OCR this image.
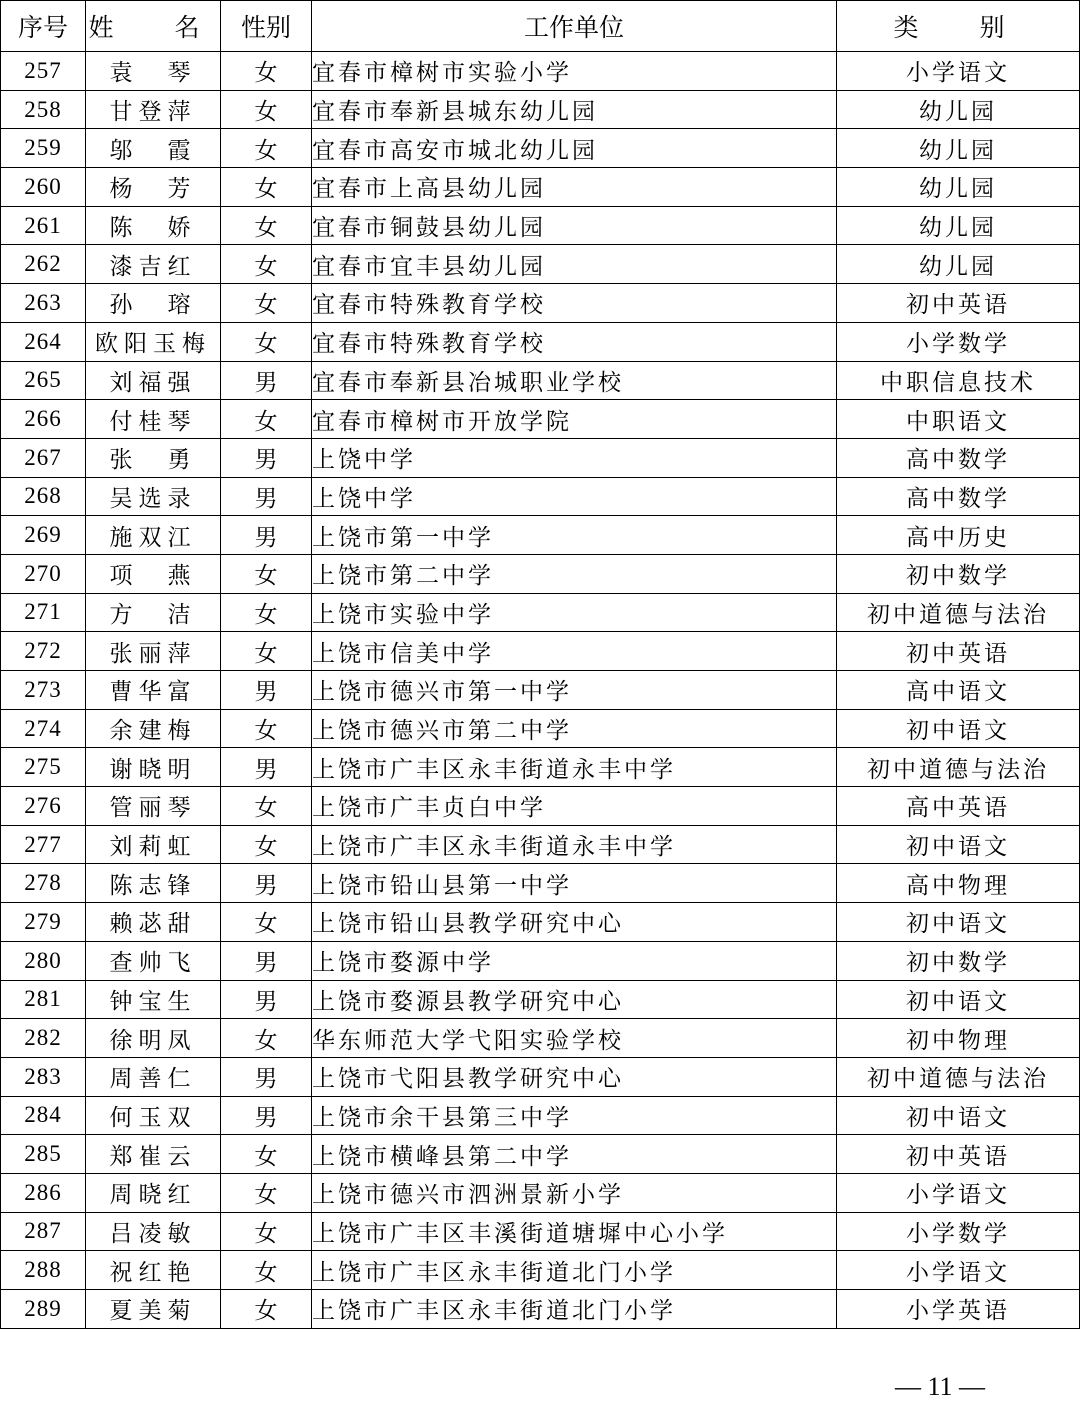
序号	姓　名	性别	工作单位	类　别
257	袁　琴	女	宜春市樟树市实验小学	小学语文
258	甘登萍	女	宜春市奉新县城东幼儿园	幼儿园
259	邬　霞	女	宜春市高安市城北幼儿园	幼儿园
260	杨　芳	女	宜春市上高县幼儿园	幼儿园
261	陈　娇	女	宜春市铜鼓县幼儿园	幼儿园
262	漆吉红	女	宜春市宜丰县幼儿园	幼儿园
263	孙　瑢	女	宜春市特殊教育学校	初中英语
264	欧阳玉梅	女	宜春市特殊教育学校	小学数学
265	刘福强	男	宜春市奉新县冶城职业学校	中职信息技术
266	付桂琴	女	宜春市樟树市开放学院	中职语文
267	张　勇	男	上饶中学	高中数学
268	吴选录	男	上饶中学	高中数学
269	施双江	男	上饶市第一中学	高中历史
270	项　燕	女	上饶市第二中学	初中数学
271	方　洁	女	上饶市实验中学	初中道德与法治
272	张丽萍	女	上饶市信美中学	初中英语
273	曹华富	男	上饶市德兴市第一中学	高中语文
274	余建梅	女	上饶市德兴市第二中学	初中语文
275	谢晓明	男	上饶市广丰区永丰街道永丰中学	初中道德与法治
276	管丽琴	女	上饶市广丰贞白中学	高中英语
277	刘莉虹	女	上饶市广丰区永丰街道永丰中学	初中语文
278	陈志锋	男	上饶市铅山县第一中学	高中物理
279	赖苾甜	女	上饶市铅山县教学研究中心	初中语文
280	查帅飞	男	上饶市婺源中学	初中数学
281	钟宝生	男	上饶市婺源县教学研究中心	初中语文
282	徐明凤	女	华东师范大学弋阳实验学校	初中物理
283	周善仁	男	上饶市弋阳县教学研究中心	初中道德与法治
284	何玉双	男	上饶市余干县第三中学	初中语文
285	郑崔云	女	上饶市横峰县第二中学	初中英语
286	周晓红	女	上饶市德兴市泗洲景新小学	小学语文
287	吕凌敏	女	上饶市广丰区丰溪街道塘墀中心小学	小学数学
288	祝红艳	女	上饶市广丰区永丰街道北门小学	小学语文
289	夏美菊	女	上饶市广丰区永丰街道北门小学	小学英语
— 11 —
